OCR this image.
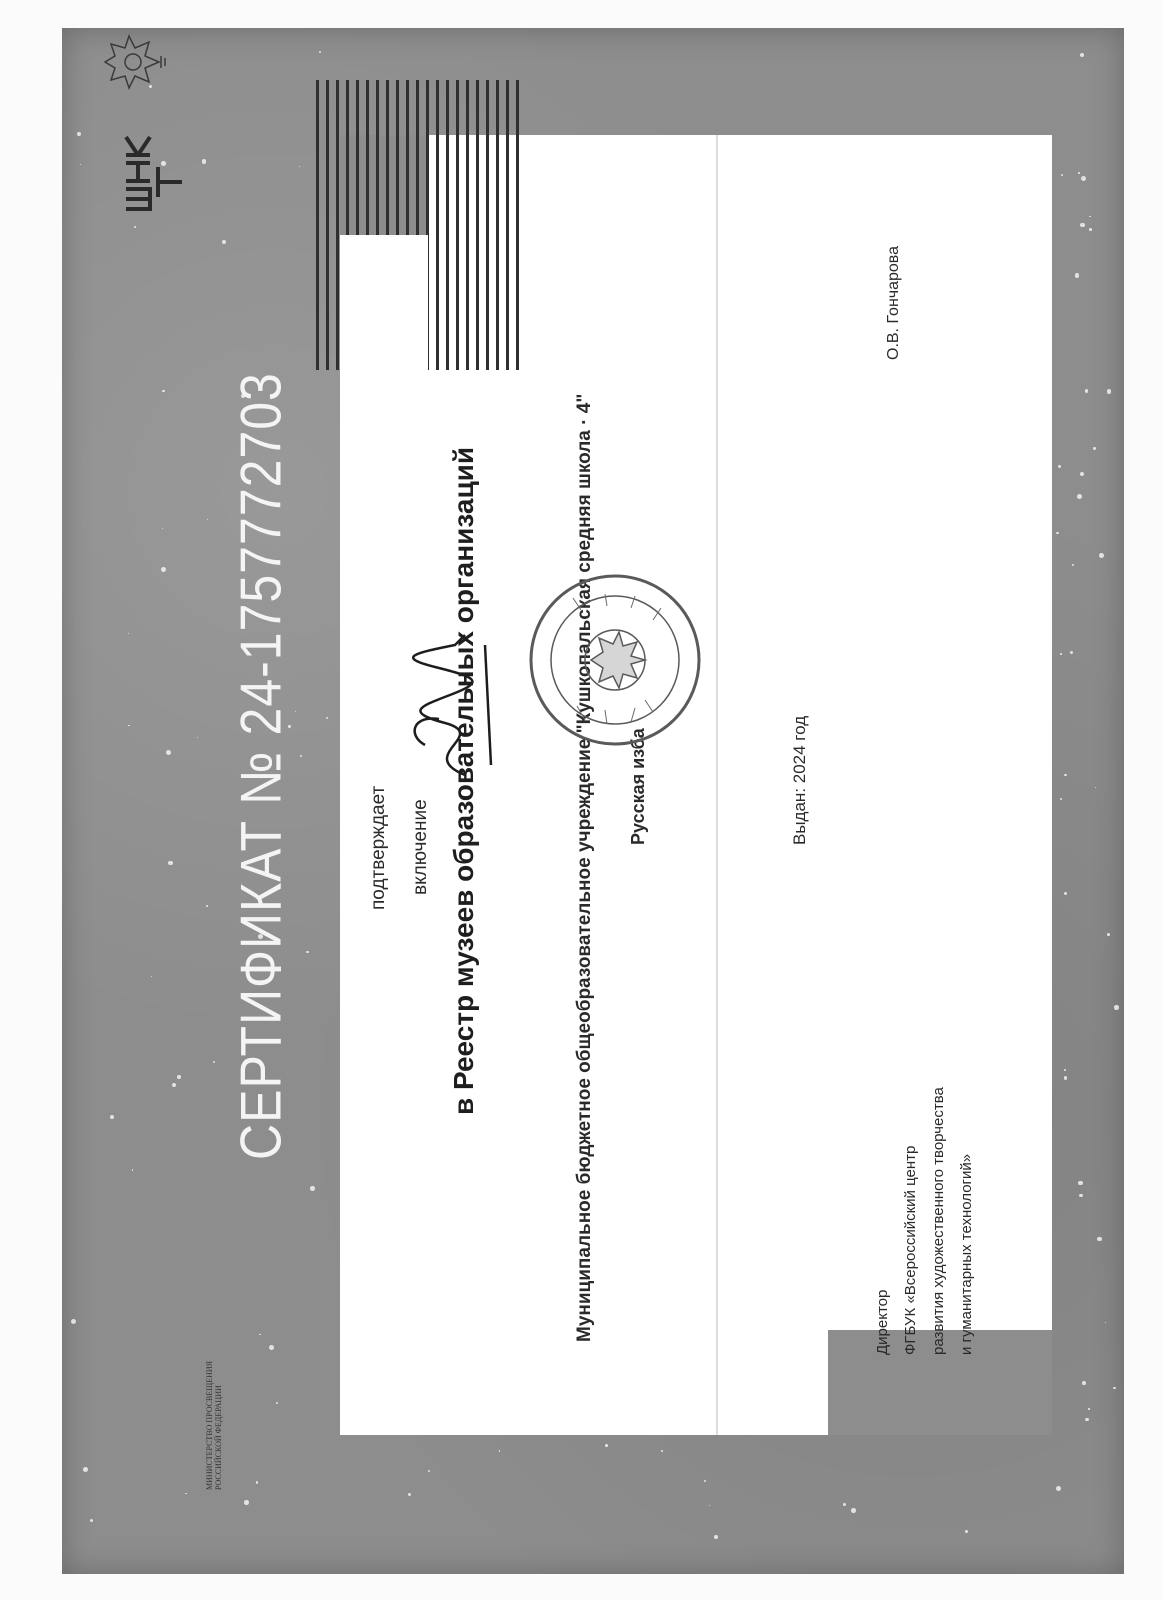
СЕРТИФИКАТ № 24-1757772703	подтверждает включение в Реестр музеев образовательных организаций	Муниципальное бюджетное общеобразовательное учреждение "Кушкопальская средняя школа · 4" Русская изба	Выдан: 2024 год
Директор ФГБУК «Всероссийский центр развития художественного творчества и гуманитарных технологий»
О.В. Гончарова
МИНИСТЕРСТВО ПРОСВЕЩЕНИЯ РОССИЙСКОЙ ФЕДЕРАЦИИ
